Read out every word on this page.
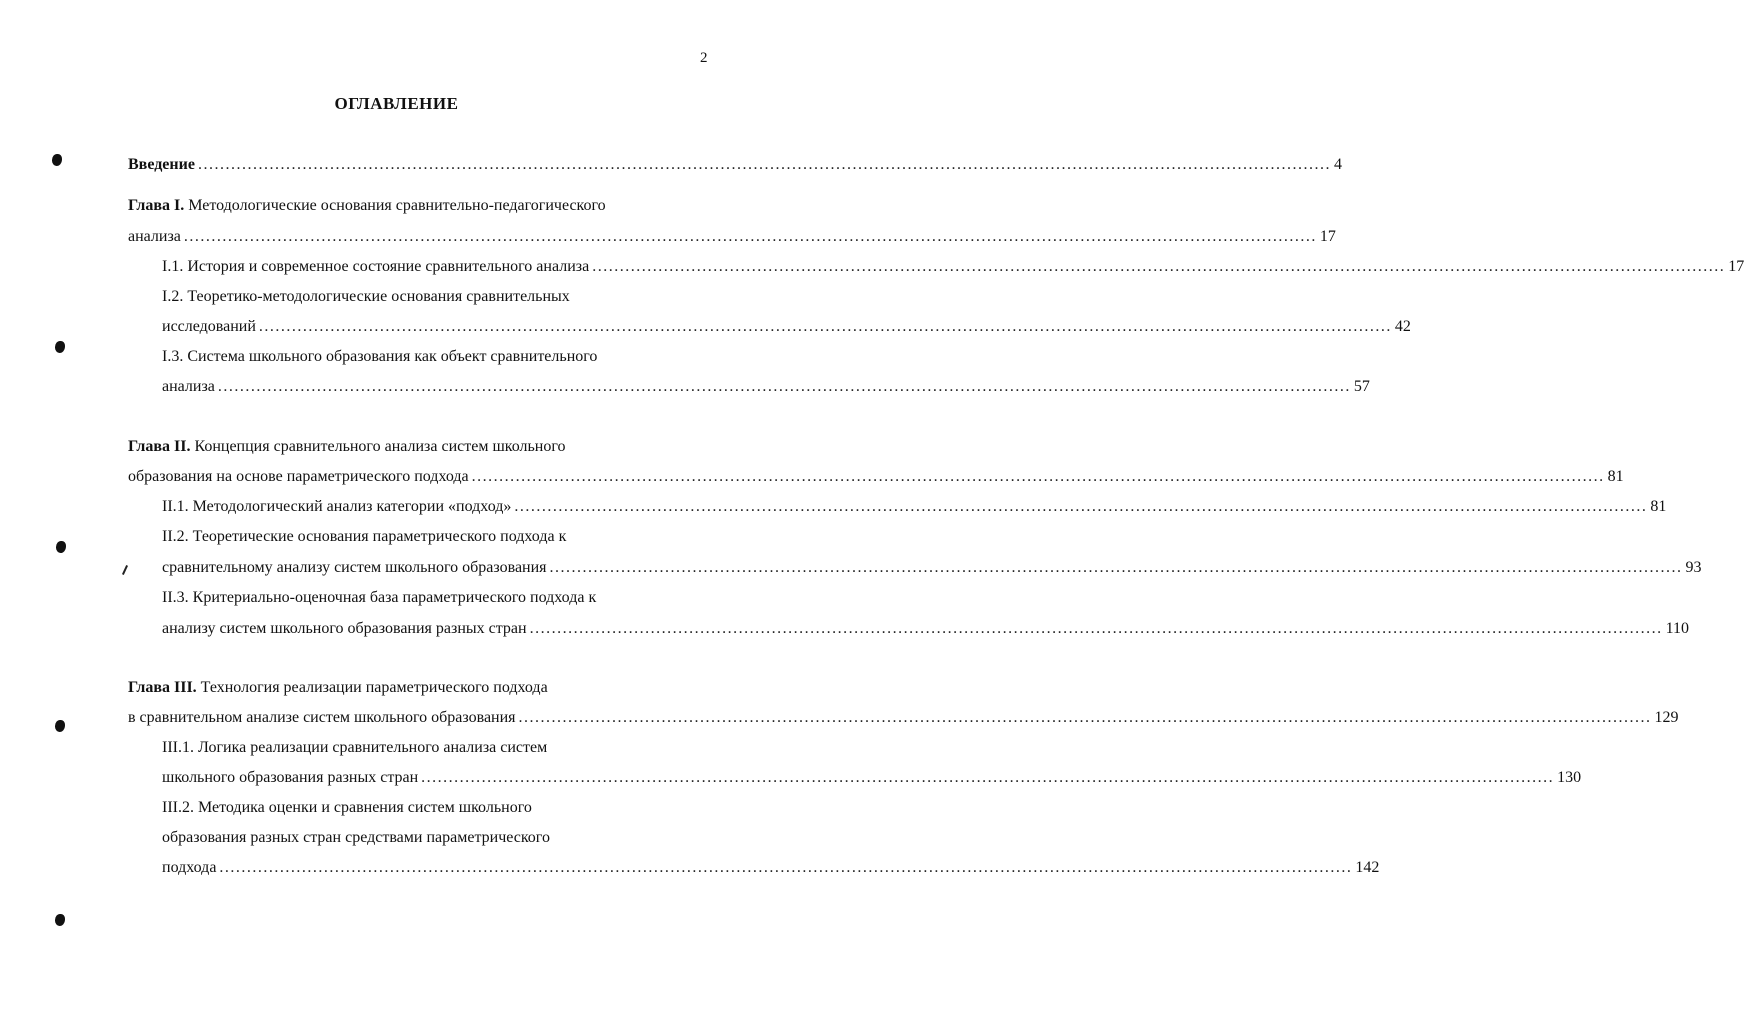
2
ОГЛАВЛЕНИЕ
Введение .............................................................................................................................................................................................................. 4
Глава I. Методологические основания сравнительно-педагогического
анализа .............................................................................................................................................................................................................. 17
I.1. История и современное состояние сравнительного анализа .............................................................................................................................................................................................................. 17
I.2. Теоретико-методологические основания сравнительных
исследований .............................................................................................................................................................................................................. 42
I.3. Система школьного образования как объект сравнительного
анализа .............................................................................................................................................................................................................. 57
Глава II. Концепция сравнительного анализа систем школьного
образования на основе параметрического подхода .............................................................................................................................................................................................................. 81
II.1. Методологический анализ категории «подход» .............................................................................................................................................................................................................. 81
II.2. Теоретические основания параметрического подхода к
сравнительному анализу систем школьного образования .............................................................................................................................................................................................................. 93
II.3. Критериально-оценочная база параметрического подхода к
анализу систем школьного образования разных стран .............................................................................................................................................................................................................. 110
Глава III. Технология реализации параметрического подхода
в сравнительном анализе систем школьного образования .............................................................................................................................................................................................................. 129
III.1. Логика реализации сравнительного анализа систем
школьного образования разных стран .............................................................................................................................................................................................................. 130
III.2. Методика оценки и сравнения систем школьного
образования разных стран средствами параметрического
подхода .............................................................................................................................................................................................................. 142
